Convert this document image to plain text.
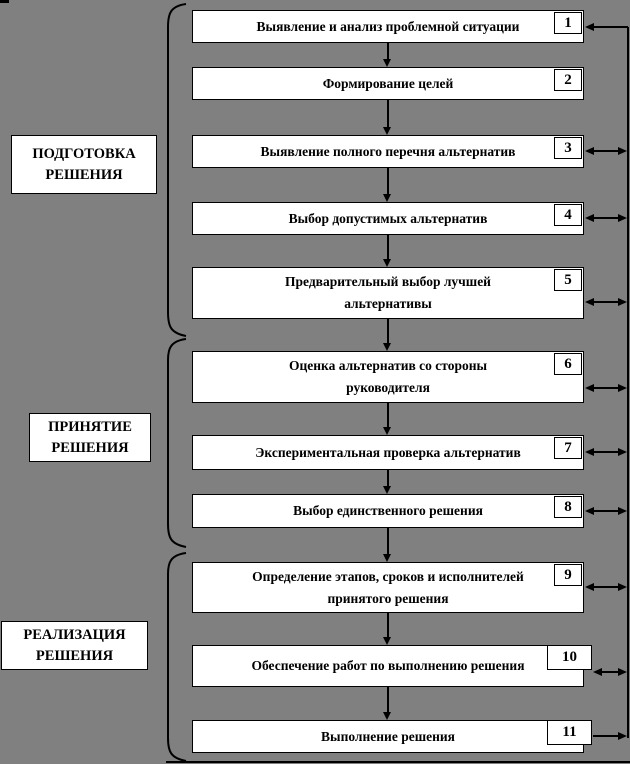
ПОДГОТОВКА
РЕШЕНИЯ
ПРИНЯТИЕ
РЕШЕНИЯ
РЕАЛИЗАЦИЯ
РЕШЕНИЯ
Выявление и анализ проблемной ситуации	1
Формирование целей	2
Выявление полного перечня альтернатив	3
Выбор допустимых альтернатив	4
Предварительный выбор лучшей
альтернативы
5
Оценка альтернатив со стороны
руководителя
6
Экспериментальная проверка альтернатив	7
Выбор единственного решения	8
Определение этапов, сроков и исполнителей
принятого решения
9
Обеспечение работ по выполнению решения
10
Выполнение решения	11
